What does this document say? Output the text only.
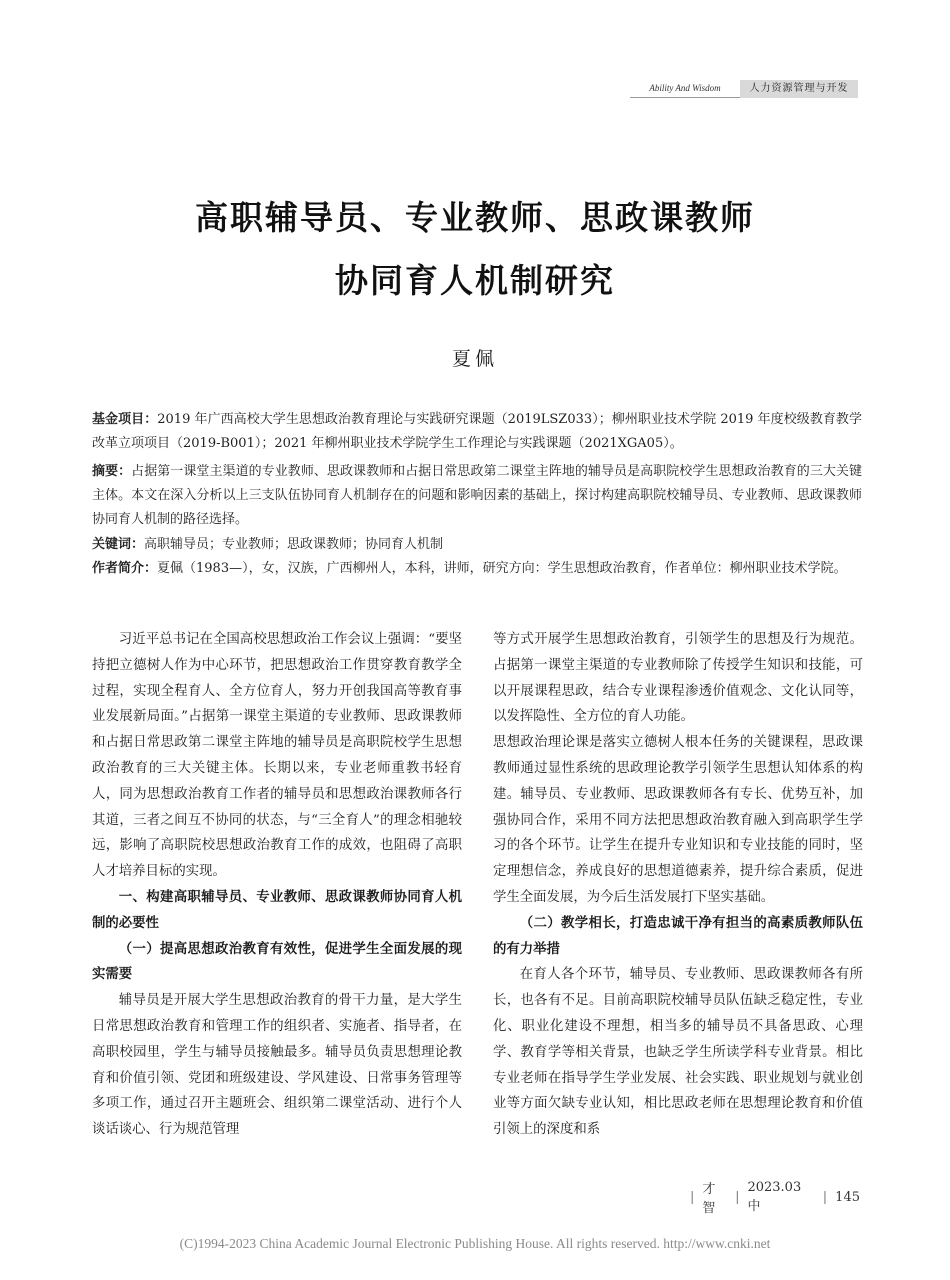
Ability And Wisdom	人力资源管理与开发
高职辅导员、专业教师、思政课教师
协同育人机制研究
夏佩
基金项目：2019 年广西高校大学生思想政治教育理论与实践研究课题（2019LSZ033）；柳州职业技术学院 2019 年度校级教育教学改革立项项目（2019-B001）；2021 年柳州职业技术学院学生工作理论与实践课题（2021XGA05）。
摘要：占据第一课堂主渠道的专业教师、思政课教师和占据日常思政第二课堂主阵地的辅导员是高职院校学生思想政治教育的三大关键主体。本文在深入分析以上三支队伍协同育人机制存在的问题和影响因素的基础上，探讨构建高职院校辅导员、专业教师、思政课教师协同育人机制的路径选择。
关键词：高职辅导员；专业教师；思政课教师；协同育人机制
作者简介：夏佩（1983—），女，汉族，广西柳州人，本科，讲师，研究方向：学生思想政治教育，作者单位：柳州职业技术学院。

习近平总书记在全国高校思想政治工作会议上强调：“要坚持把立德树人作为中心环节，把思想政治工作贯穿教育教学全过程，实现全程育人、全方位育人，努力开创我国高等教育事业发展新局面。”占据第一课堂主渠道的专业教师、思政课教师和占据日常思政第二课堂主阵地的辅导员是高职院校学生思想政治教育的三大关键主体。长期以来，专业老师重教书轻育人，同为思想政治教育工作者的辅导员和思想政治课教师各行其道，三者之间互不协同的状态，与“三全育人”的理念相驰较远，影响了高职院校思想政治教育工作的成效，也阻碍了高职人才培养目标的实现。

一、构建高职辅导员、专业教师、思政课教师协同育人机制的必要性
（一）提高思想政治教育有效性，促进学生全面发展的现实需要

辅导员是开展大学生思想政治教育的骨干力量，是大学生日常思想政治教育和管理工作的组织者、实施者、指导者，在高职校园里，学生与辅导员接触最多。辅导员负责思想理论教育和价值引领、党团和班级建设、学风建设、日常事务管理等多项工作，通过召开主题班会、组织第二课堂活动、进行个人谈话谈心、行为规范管理

等方式开展学生思想政治教育，引领学生的思想及行为规范。占据第一课堂主渠道的专业教师除了传授学生知识和技能，可以开展课程思政，结合专业课程渗透价值观念、文化认同等，以发挥隐性、全方位的育人功能。

思想政治理论课是落实立德树人根本任务的关键课程，思政课教师通过显性系统的思政理论教学引领学生思想认知体系的构建。辅导员、专业教师、思政课教师各有专长、优势互补，加强协同合作，采用不同方法把思想政治教育融入到高职学生学习的各个环节。让学生在提升专业知识和专业技能的同时，坚定理想信念，养成良好的思想道德素养，提升综合素质，促进学生全面发展，为今后生活发展打下坚实基础。

（二）教学相长，打造忠诚干净有担当的高素质教师队伍的有力举措

在育人各个环节，辅导员、专业教师、思政课教师各有所长，也各有不足。目前高职院校辅导员队伍缺乏稳定性，专业化、职业化建设不理想，相当多的辅导员不具备思政、心理学、教育学等相关背景，也缺乏学生所读学科专业背景。相比专业老师在指导学生学业发展、社会实践、职业规划与就业创业等方面欠缺专业认知，相比思政老师在思想理论教育和价值引领上的深度和系

| 才智
|
2023.03 中
| 145
(C)1994-2023 China Academic Journal Electronic Publishing House. All rights reserved. http://www.cnki.net
